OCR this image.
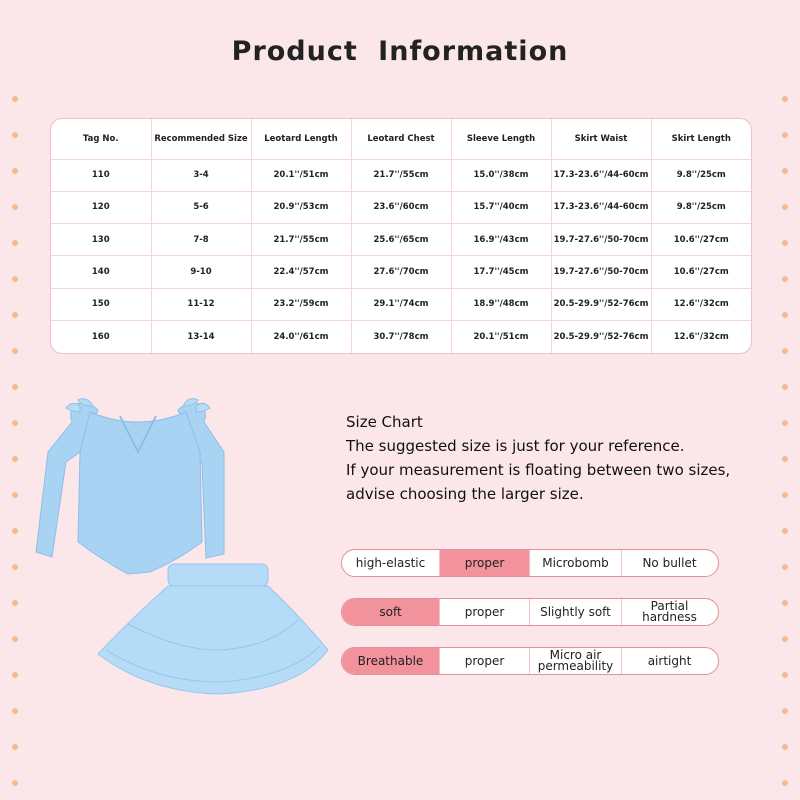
Product Information
Tag No.	Recommended Size	Leotard Length	Leotard Chest	Sleeve Length	Skirt Waist	Skirt Length
110	3-4	20.1''/51cm	21.7''/55cm	15.0''/38cm	17.3-23.6''/44-60cm	9.8''/25cm
120	5-6	20.9''/53cm	23.6''/60cm	15.7''/40cm	17.3-23.6''/44-60cm	9.8''/25cm
130	7-8	21.7''/55cm	25.6''/65cm	16.9''/43cm	19.7-27.6''/50-70cm	10.6''/27cm
140	9-10	22.4''/57cm	27.6''/70cm	17.7''/45cm	19.7-27.6''/50-70cm	10.6''/27cm
150	11-12	23.2''/59cm	29.1''/74cm	18.9''/48cm	20.5-29.9''/52-76cm	12.6''/32cm
160	13-14	24.0''/61cm	30.7''/78cm	20.1''/51cm	20.5-29.9''/52-76cm	12.6''/32cm
Size Chart
The suggested size is just for your reference.
If your measurement is floating between two sizes,
advise choosing the larger size.
high-elastic	proper	Microbomb	No bullet
soft	proper	Slightly soft	Partial hardness
Breathable	proper	Micro air permeability	airtight
